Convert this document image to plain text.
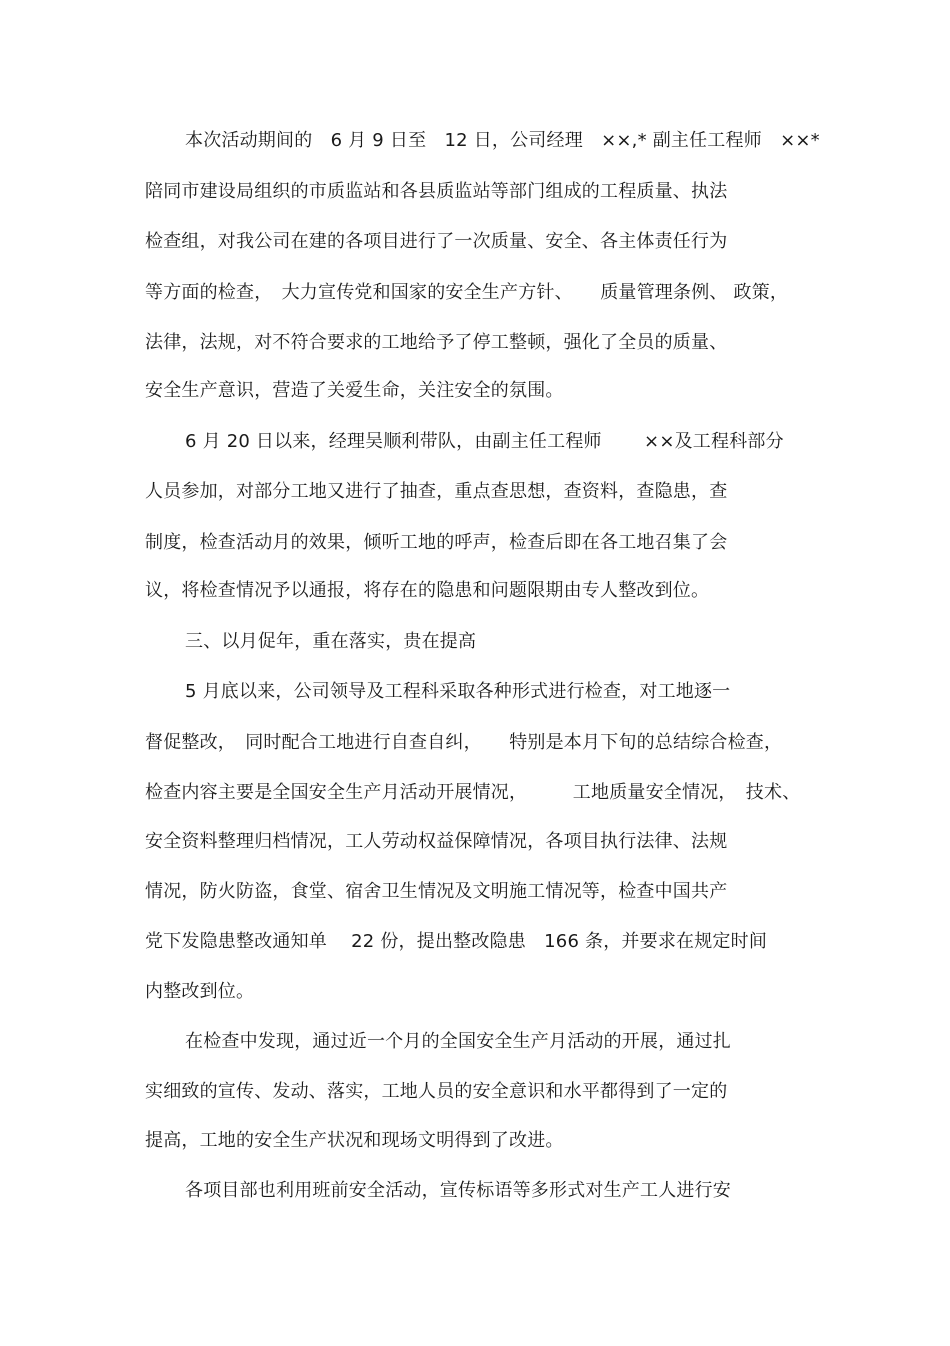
本次活动期间的　6 月 9 日至　12 日，公司经理　××,* 副主任工程师　××*
陪同市建设局组织的市质监站和各县质监站等部门组成的工程质量、执法
检查组，对我公司在建的各项目进行了一次质量、安全、各主体责任行为
等方面的检查，　大力宣传党和国家的安全生产方针、　　质量管理条例、 政策，
法律，法规，对不符合要求的工地给予了停工整顿，强化了全员的质量、
安全生产意识，营造了关爱生命，关注安全的氛围。
6 月 20 日以来，经理吴顺利带队，由副主任工程师　　 ××及工程科部分
人员参加，对部分工地又进行了抽查，重点查思想，查资料，查隐患，查
制度，检查活动月的效果，倾听工地的呼声，检查后即在各工地召集了会
议，将检查情况予以通报，将存在的隐患和问题限期由专人整改到位。
三、以月促年，重在落实，贵在提高
5 月底以来，公司领导及工程科采取各种形式进行检查，对工地逐一
督促整改，　同时配合工地进行自查自纠，　　特别是本月下旬的总结综合检查，
检查内容主要是全国安全生产月活动开展情况，　　　工地质量安全情况，　技术、
安全资料整理归档情况，工人劳动权益保障情况，各项目执行法律、法规
情况，防火防盗，食堂、宿舍卫生情况及文明施工情况等，检查中国共产
党下发隐患整改通知单　 22 份，提出整改隐患　166 条，并要求在规定时间
内整改到位。
在检查中发现，通过近一个月的全国安全生产月活动的开展，通过扎
实细致的宣传、发动、落实，工地人员的安全意识和水平都得到了一定的
提高，工地的安全生产状况和现场文明得到了改进。
各项目部也利用班前安全活动，宣传标语等多形式对生产工人进行安
